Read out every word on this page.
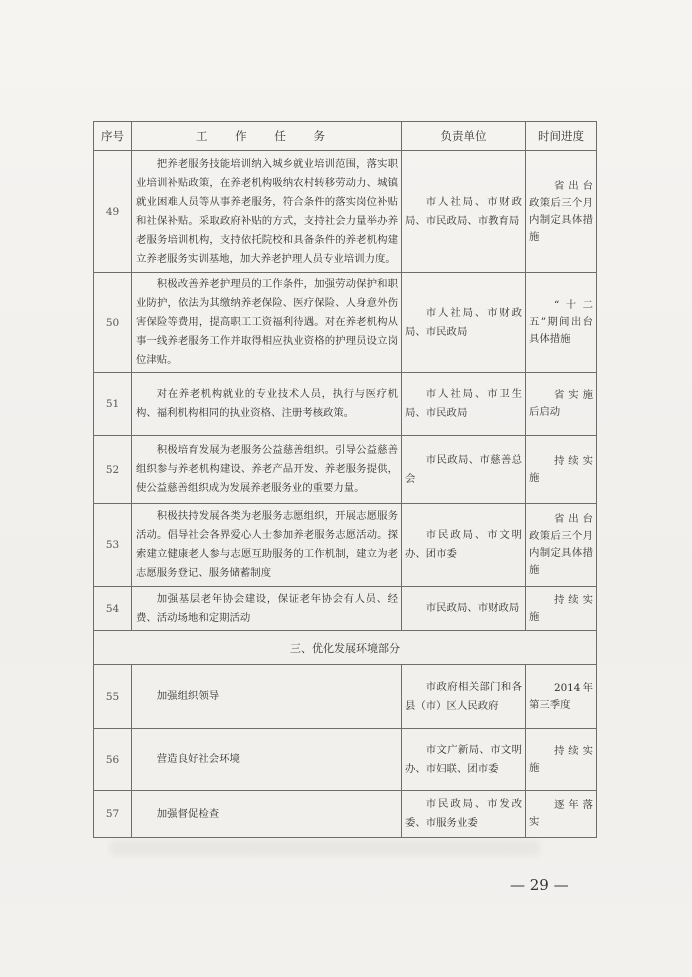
序号	工 作 任 务	负责单位	时间进度
49	把养老服务技能培训纳入城乡就业培训范围，落实职业培训补贴政策，在养老机构吸纳农村转移劳动力、城镇就业困难人员等从事养老服务，符合条件的落实岗位补贴和社保补贴。采取政府补贴的方式，支持社会力量举办养老服务培训机构，支持依托院校和具备条件的养老机构建立养老服务实训基地，加大养老护理人员专业培训力度。	市人社局、市财政局、市民政局、市教育局	省出台政策后三个月内制定具体措施
50	积极改善养老护理员的工作条件，加强劳动保护和职业防护，依法为其缴纳养老保险、医疗保险、人身意外伤害保险等费用，提高职工工资福利待遇。对在养老机构从事一线养老服务工作并取得相应执业资格的护理员设立岗位津贴。	市人社局、市财政局、市民政局	“十二五”期间出台具体措施
51	对在养老机构就业的专业技术人员，执行与医疗机构、福利机构相同的执业资格、注册考核政策。	市人社局、市卫生局、市民政局	省实施后启动
52	积极培育发展为老服务公益慈善组织。引导公益慈善组织参与养老机构建设、养老产品开发、养老服务提供，使公益慈善组织成为发展养老服务业的重要力量。	市民政局、市慈善总会	持续实施
53	积极扶持发展各类为老服务志愿组织，开展志愿服务活动。倡导社会各界爱心人士参加养老服务志愿活动。探索建立健康老人参与志愿互助服务的工作机制，建立为老志愿服务登记、服务储蓄制度	市民政局、市文明办、团市委	省出台政策后三个月内制定具体措施
54	加强基层老年协会建设，保证老年协会有人员、经费、活动场地和定期活动	市民政局、市财政局	持续实施
三、优化发展环境部分			
55	加强组织领导	市政府相关部门和各县（市）区人民政府	2014年第三季度
56	营造良好社会环境	市文广新局、市文明办、市妇联、团市委	持续实施
57	加强督促检查	市民政局、市发改委、市服务业委	逐年落实
— 29 —
